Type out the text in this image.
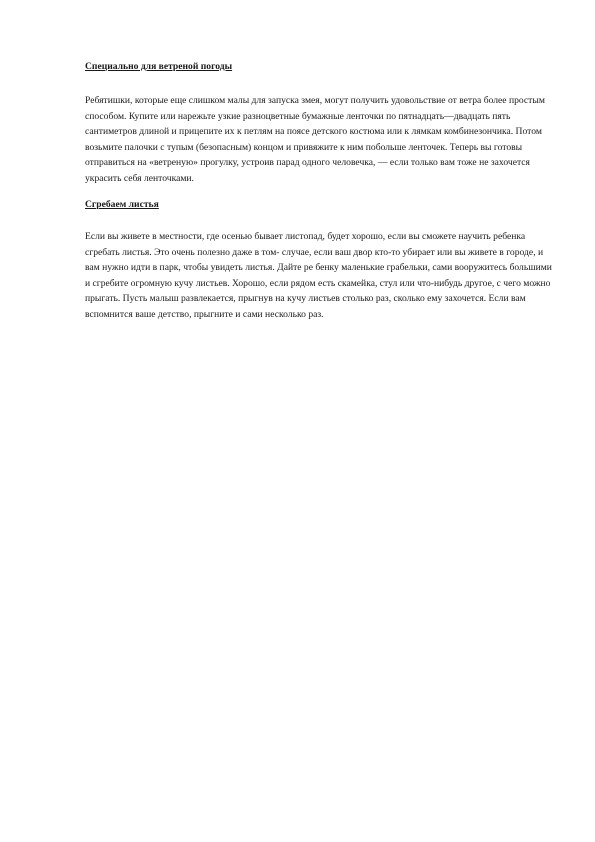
Специально для ветреной погоды

Ребятишки, которые еще слишком малы для запуска змея, могут получить удовольствие от ветра более простым способом. Купите или нарежьте узкие разноцветные бумажные ленточки по пятнадцать—двадцать пять сантиметров длиной и прицепите их к петлям на поясе детского костюма или к лямкам комбинезончика. Потом возьмите палочки с тупым (безопасным) концом и привяжите к ним побольше ленточек. Теперь вы готовы отправиться на «ветреную» прогулку, устроив парад одного человечка, — если только вам тоже не захочется украсить себя ленточками.

Сгребаем листья

Если вы живете в местности, где осенью бывает листопад, будет хорошо, если вы сможете научить ребенка сгребать листья. Это очень полезно даже в том- случае, если ваш двор кто-то убирает или вы живете в городе, и вам нужно идти в парк, чтобы увидеть листья. Дайте ре бенку маленькие грабельки, сами вооружитесь большими и сгребите огромную кучу листьев. Хорошо, если рядом есть скамейка, стул или что-нибудь другое, с чего можно прыгать. Пусть малыш развлекается, прыгнув на кучу листьев столько раз, сколько ему захочется. Если вам вспомнится ваше детство, прыгните и сами несколько раз.
